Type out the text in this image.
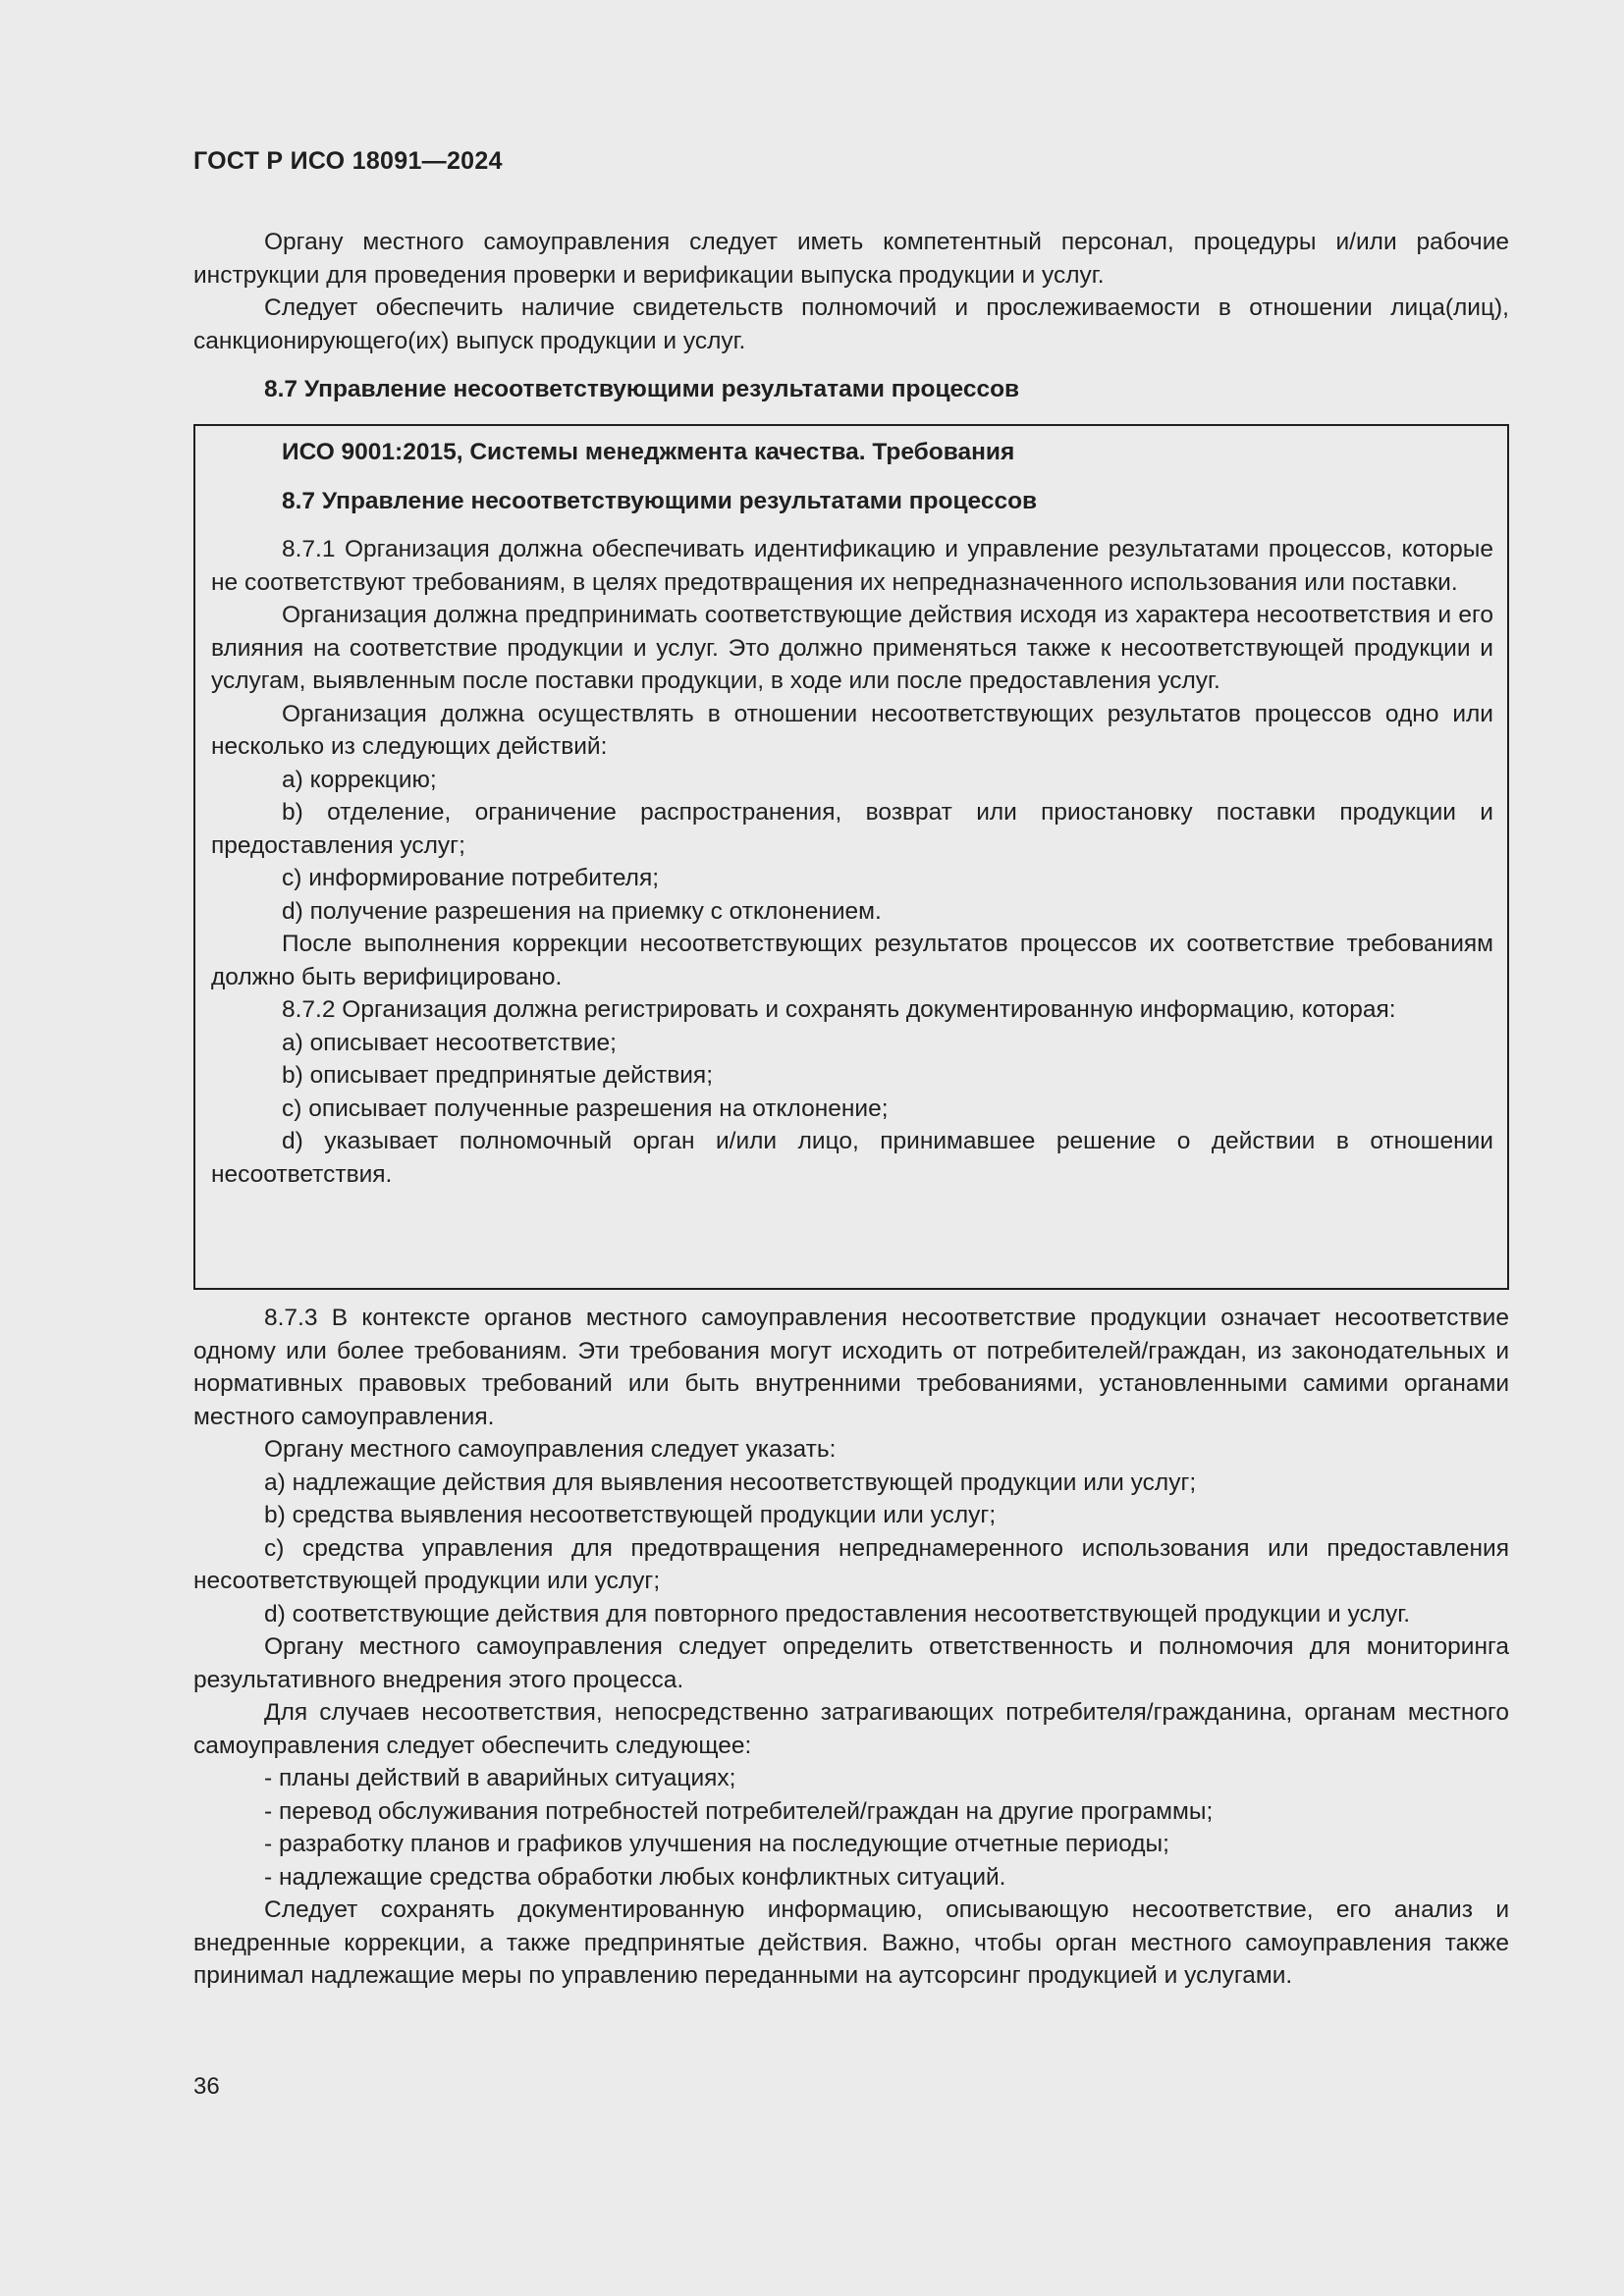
ГОСТ Р ИСО 18091—2024

Органу местного самоуправления следует иметь компетентный персонал, процедуры и/или рабочие инструкции для проведения проверки и верификации выпуска продукции и услуг.

Следует обеспечить наличие свидетельств полномочий и прослеживаемости в отношении лица(лиц), санкционирующего(их) выпуск продукции и услуг.

8.7 Управление несоответствующими результатами процессов

ИСО 9001:2015, Системы менеджмента качества. Требования

8.7 Управление несоответствующими результатами процессов

8.7.1 Организация должна обеспечивать идентификацию и управление результатами процессов, которые не соответствуют требованиям, в целях предотвращения их непредназначенного использования или поставки.

Организация должна предпринимать соответствующие действия исходя из характера несоответствия и его влияния на соответствие продукции и услуг. Это должно применяться также к несоответствующей продукции и услугам, выявленным после поставки продукции, в ходе или после предоставления услуг.

Организация должна осуществлять в отношении несоответствующих результатов процессов одно или несколько из следующих действий:

a) коррекцию;

b) отделение, ограничение распространения, возврат или приостановку поставки продукции и предоставления услуг;

c) информирование потребителя;

d) получение разрешения на приемку с отклонением.

После выполнения коррекции несоответствующих результатов процессов их соответствие требованиям должно быть верифицировано.

8.7.2 Организация должна регистрировать и сохранять документированную информацию, которая:

a) описывает несоответствие;

b) описывает предпринятые действия;

c) описывает полученные разрешения на отклонение;

d) указывает полномочный орган и/или лицо, принимавшее решение о действии в отношении несоответствия.

8.7.3 В контексте органов местного самоуправления несоответствие продукции означает несоответствие одному или более требованиям. Эти требования могут исходить от потребителей/граждан, из законодательных и нормативных правовых требований или быть внутренними требованиями, установленными самими органами местного самоуправления.

Органу местного самоуправления следует указать:

a) надлежащие действия для выявления несоответствующей продукции или услуг;

b) средства выявления несоответствующей продукции или услуг;

c) средства управления для предотвращения непреднамеренного использования или предоставления несоответствующей продукции или услуг;

d) соответствующие действия для повторного предоставления несоответствующей продукции и услуг.

Органу местного самоуправления следует определить ответственность и полномочия для мониторинга результативного внедрения этого процесса.

Для случаев несоответствия, непосредственно затрагивающих потребителя/гражданина, органам местного самоуправления следует обеспечить следующее:

- планы действий в аварийных ситуациях;

- перевод обслуживания потребностей потребителей/граждан на другие программы;

- разработку планов и графиков улучшения на последующие отчетные периоды;

- надлежащие средства обработки любых конфликтных ситуаций.

Следует сохранять документированную информацию, описывающую несоответствие, его анализ и внедренные коррекции, а также предпринятые действия. Важно, чтобы орган местного самоуправления также принимал надлежащие меры по управлению переданными на аутсорсинг продукцией и услугами.

36
